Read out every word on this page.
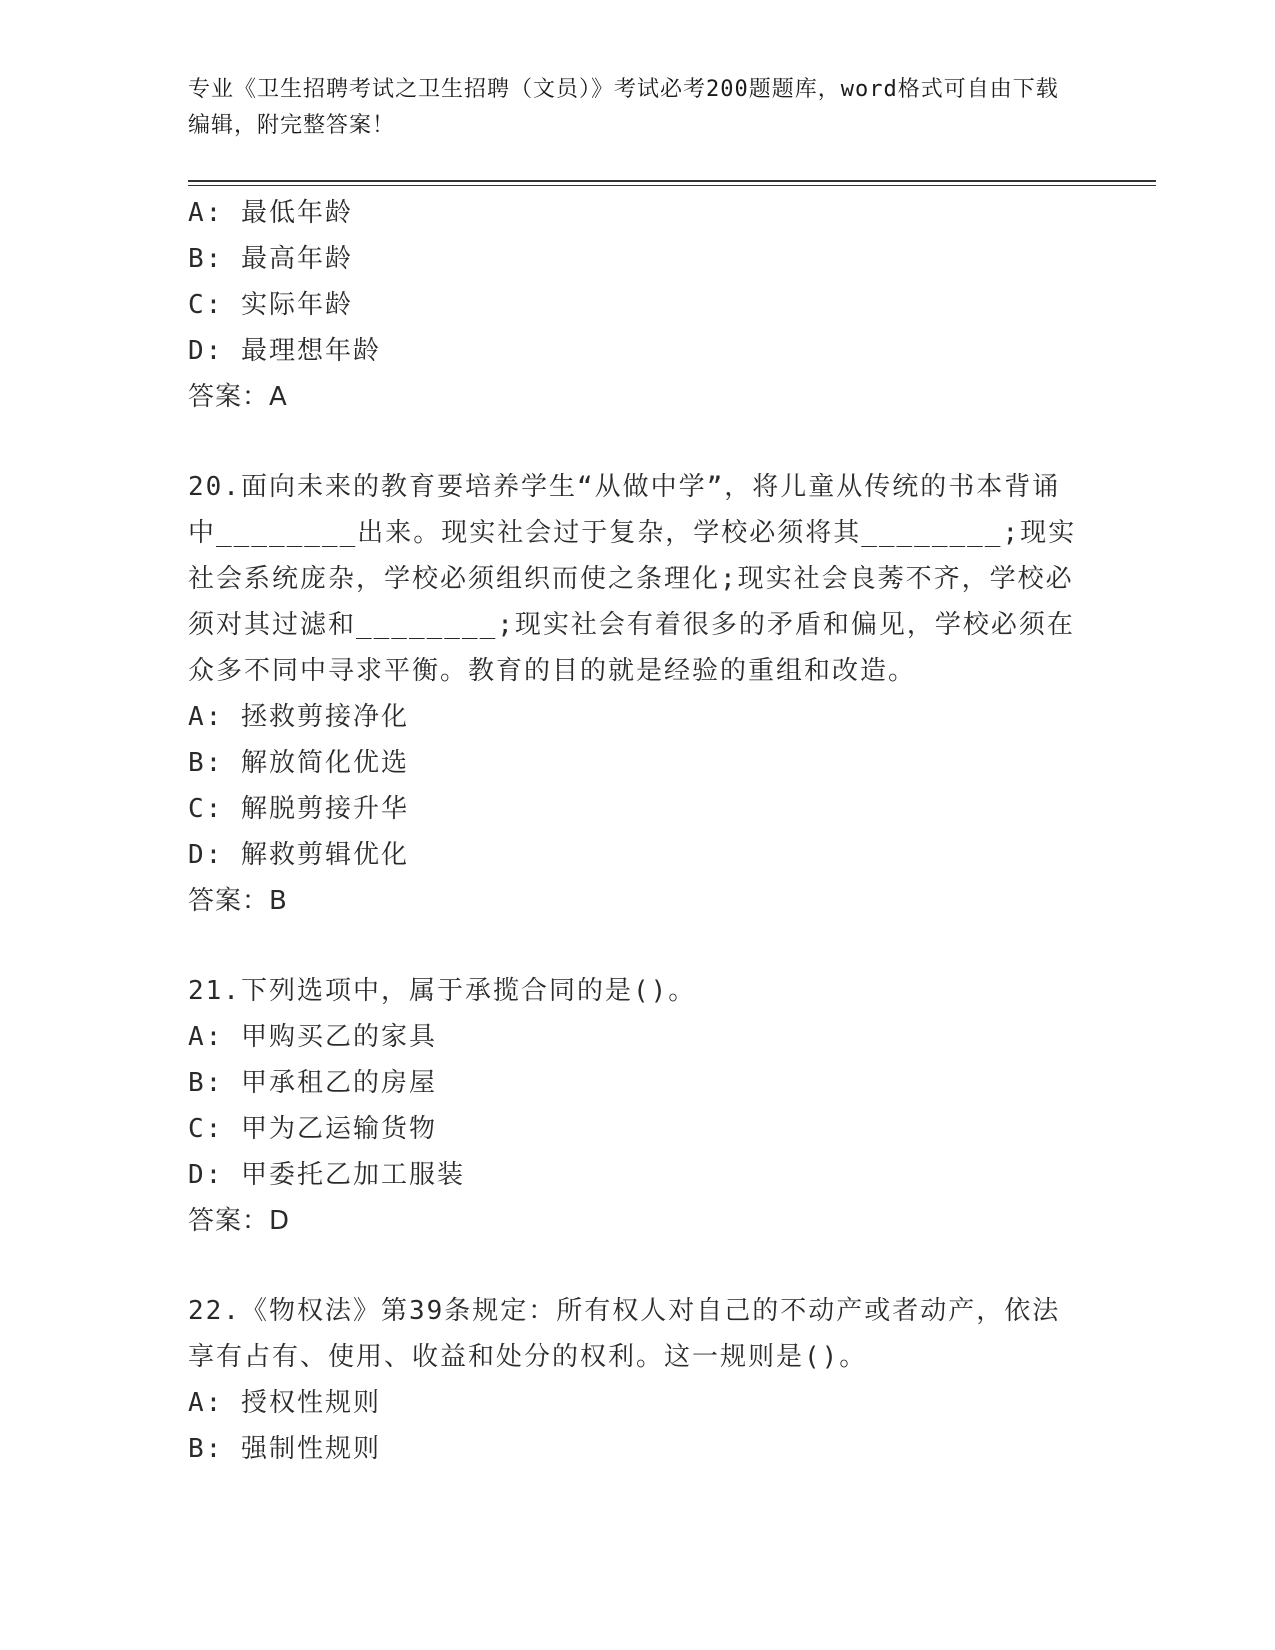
专业《卫生招聘考试之卫生招聘（文员）》考试必考200题题库，word格式可自由下载编辑，附完整答案！
A: 最低年龄
B: 最高年龄
C: 实际年龄
D: 最理想年龄
答案：A
20.面向未来的教育要培养学生“从做中学”，将儿童从传统的书本背诵中________出来。现实社会过于复杂，学校必须将其________;现实社会系统庞杂，学校必须组织而使之条理化;现实社会良莠不齐，学校必须对其过滤和________;现实社会有着很多的矛盾和偏见，学校必须在众多不同中寻求平衡。教育的目的就是经验的重组和改造。
A: 拯救剪接净化
B: 解放简化优选
C: 解脱剪接升华
D: 解救剪辑优化
答案：B
21.下列选项中，属于承揽合同的是()。
A: 甲购买乙的家具
B: 甲承租乙的房屋
C: 甲为乙运输货物
D: 甲委托乙加工服装
答案：D
22.《物权法》第39条规定：所有权人对自己的不动产或者动产，依法享有占有、使用、收益和处分的权利。这一规则是()。
A: 授权性规则
B: 强制性规则
